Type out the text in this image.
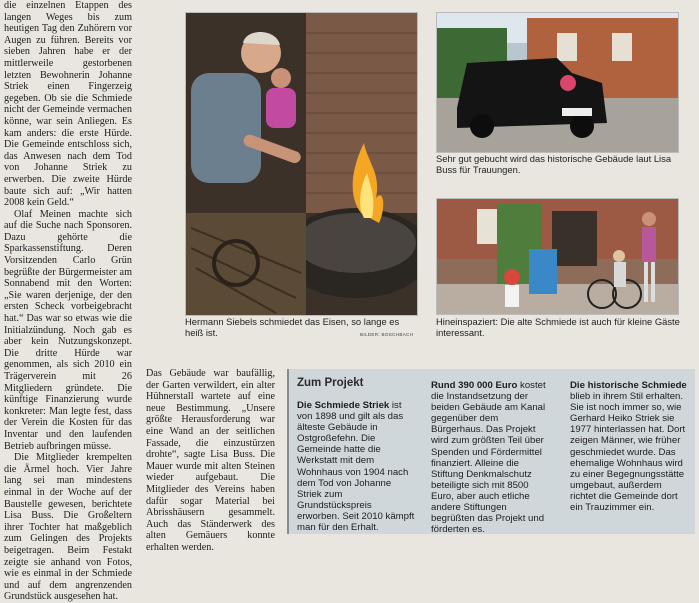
die einzelnen Etappen des langen Weges bis zum heutigen Tag den Zuhörern vor Augen zu führen. Bereits vor sieben Jahren habe er der mittlerweile gestorbenen letzten Bewohnerin Johanne Striek einen Fingerzeig gegeben. Ob sie die Schmiede nicht der Gemeinde vermachen könne, war sein Anliegen. Es kam anders: die erste Hürde. Die Gemeinde entschloss sich, das Anwesen nach dem Tod von Johanne Striek zu erwerben. Die zweite Hürde baute sich auf: „Wir hatten 2008 kein Geld.“

Olaf Meinen machte sich auf die Suche nach Sponsoren. Dazu gehörte die Sparkassenstiftung. Deren Vorsitzenden Carlo Grün begrüßte der Bürgermeister am Sonnabend mit den Worten: „Sie waren derjenige, der den ersten Scheck vorbeigebracht hat.“ Das war so etwas wie die Initialzündung. Noch gab es aber kein Nutzungskonzept. Die dritte Hürde war genommen, als sich 2010 ein Trägerverein mit 26 Mitgliedern gründete. Die künftige Finanzierung wurde konkreter: Man legte fest, dass der Verein die Kosten für das Inventar und den laufenden Betrieb aufbringen müsse.

Die Mitglieder krempelten die Ärmel hoch. Vier Jahre lang sei man mindestens einmal in der Woche auf der Baustelle gewesen, berichtete Lisa Buss. Die Großeltern ihrer Tochter hat maßgeblich zum Gelingen des Projekts beigetragen. Beim Festakt zeigte sie anhand von Fotos, wie es einmal in der Schmiede und auf dem angrenzenden Grundstück ausgesehen hat.

Hermann Siebels schmiedet das Eisen, so lange es heiß ist.	BILDER: BOSCHBACH
Sehr gut gebucht wird das historische Gebäude laut Lisa Buss für Trauungen.
Hineinspaziert: Die alte Schmiede ist auch für kleine Gäste interessant.

Das Gebäude war baufällig, der Garten verwildert, ein alter Hühnerstall wartete auf eine neue Bestimmung. „Unsere größte Herausforderung war eine Wand an der seitlichen Fassade, die einzustürzen drohte“, sagte Lisa Buss. Die Mauer wurde mit alten Steinen wieder aufgebaut. Die Mitglieder des Vereins haben dafür sogar Material bei Abrisshäusern gesammelt. Auch das Ständerwerk des alten Gemäuers konnte erhalten werden.

Zum Projekt
Die Schmiede Striek ist von 1898 und gilt als das älteste Gebäude in Ostgroßefehn. Die Gemeinde hatte die Werkstatt mit dem Wohnhaus von 1904 nach dem Tod von Johanne Striek zum Grundstückspreis erworben. Seit 2010 kämpft man für den Erhalt.
Rund 390 000 Euro kostet die Instandsetzung der beiden Gebäude am Kanal gegenüber dem Bürgerhaus. Das Projekt wird zum größten Teil über Spenden und Fördermittel finanziert. Alleine die Stiftung Denkmalschutz beteiligte sich mit 8500 Euro, aber auch etliche andere Stiftungen begrüßten das Projekt und förderten es.
Die historische Schmiede blieb in ihrem Stil erhalten. Sie ist noch immer so, wie Gerhard Heiko Striek sie 1977 hinterlassen hat. Dort zeigen Männer, wie früher geschmiedet wurde. Das ehemalige Wohnhaus wird zu einer Begegnungsstätte umgebaut, außerdem richtet die Gemeinde dort ein Trauzimmer ein.
